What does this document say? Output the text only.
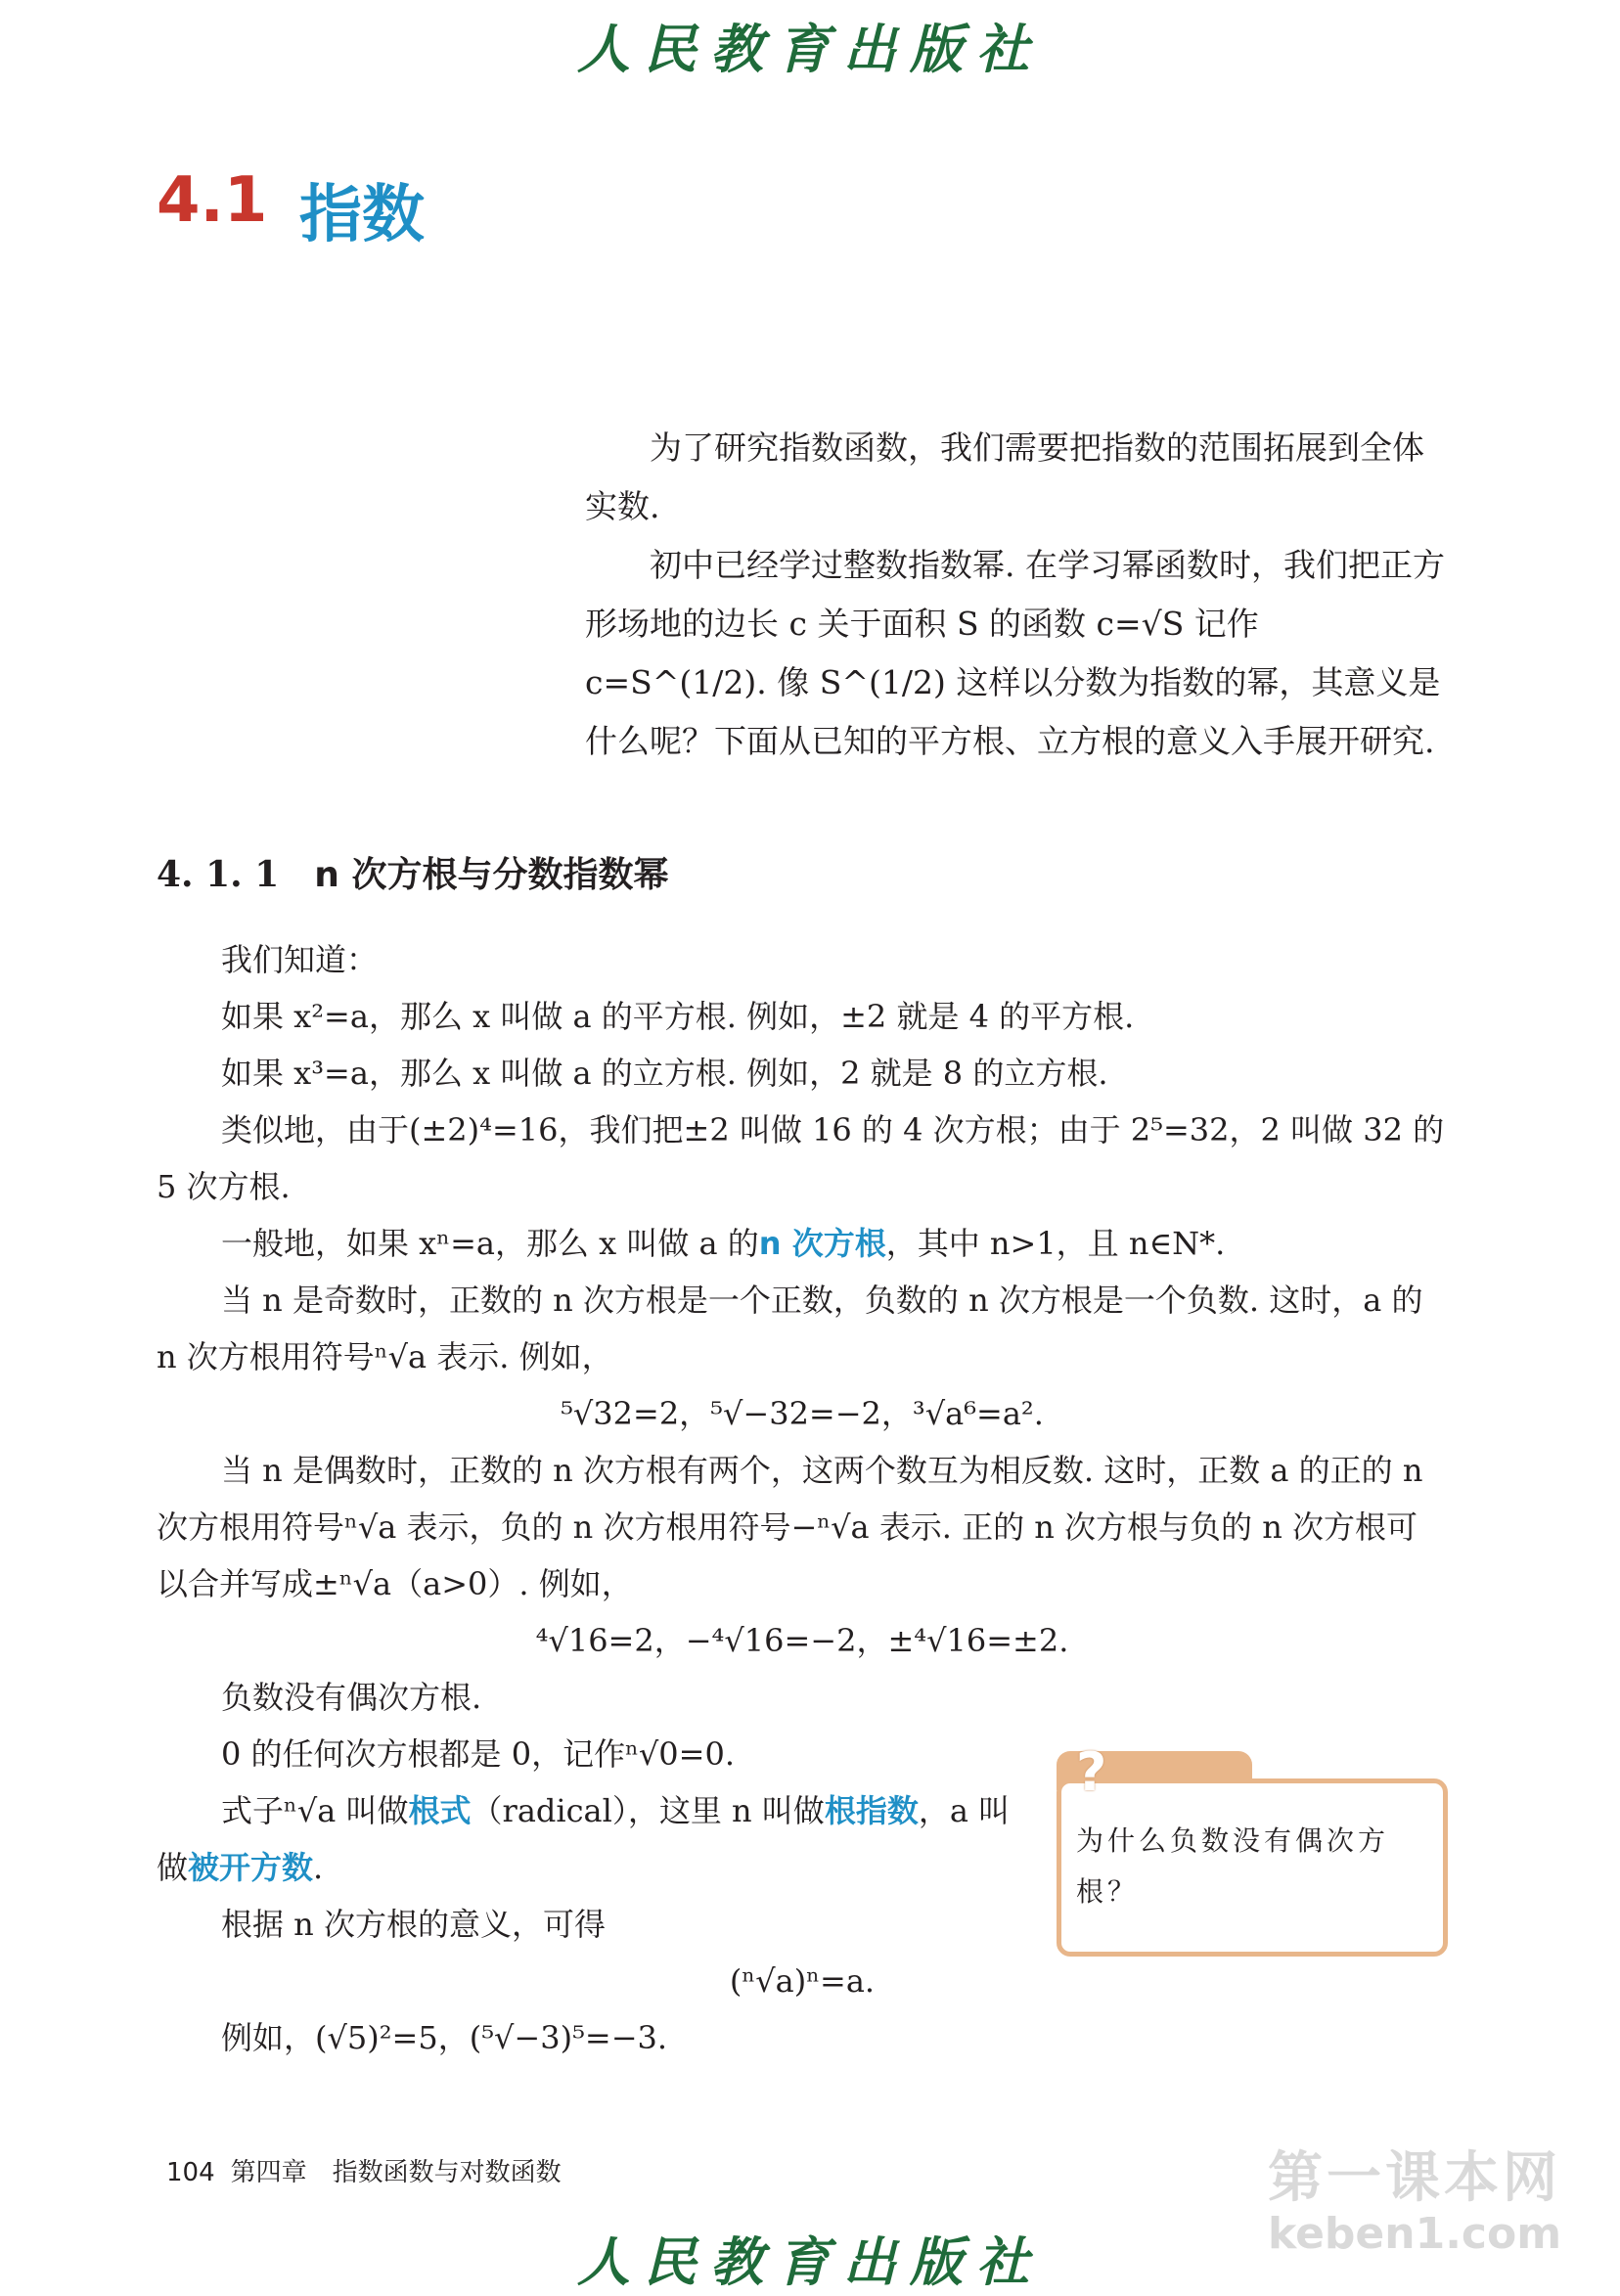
人民教育出版社
4.1 指数

为了研究指数函数，我们需要把指数的范围拓展到全体实数.

初中已经学过整数指数幂. 在学习幂函数时，我们把正方形场地的边长 c 关于面积 S 的函数 c=√S 记作 c=S^(1/2). 像 S^(1/2) 这样以分数为指数的幂，其意义是什么呢？下面从已知的平方根、立方根的意义入手展开研究.

4. 1. 1 n 次方根与分数指数幂

我们知道：

如果 x²=a，那么 x 叫做 a 的平方根. 例如，±2 就是 4 的平方根.

如果 x³=a，那么 x 叫做 a 的立方根. 例如，2 就是 8 的立方根.

类似地，由于(±2)⁴=16，我们把±2 叫做 16 的 4 次方根；由于 2⁵=32，2 叫做 32 的 5 次方根.

一般地，如果 xⁿ=a，那么 x 叫做 a 的n 次方根，其中 n>1，且 n∈N*.

当 n 是奇数时，正数的 n 次方根是一个正数，负数的 n 次方根是一个负数. 这时，a 的 n 次方根用符号ⁿ√a 表示. 例如，

⁵√32=2，⁵√−32=−2，³√a⁶=a².

当 n 是偶数时，正数的 n 次方根有两个，这两个数互为相反数. 这时，正数 a 的正的 n 次方根用符号ⁿ√a 表示，负的 n 次方根用符号−ⁿ√a 表示. 正的 n 次方根与负的 n 次方根可以合并写成±ⁿ√a（a>0）. 例如，

⁴√16=2，−⁴√16=−2，±⁴√16=±2.

负数没有偶次方根.

0 的任何次方根都是 0，记作ⁿ√0=0.

式子ⁿ√a 叫做根式（radical），这里 n 叫做根指数，a 叫做被开方数.

根据 n 次方根的意义，可得

(ⁿ√a)ⁿ=a.

例如，(√5)²=5，(⁵√−3)⁵=−3.

?
为什么负数没有偶次方根？
104 第四章　指数函数与对数函数	第一课本网
keben1.com
人民教育出版社
